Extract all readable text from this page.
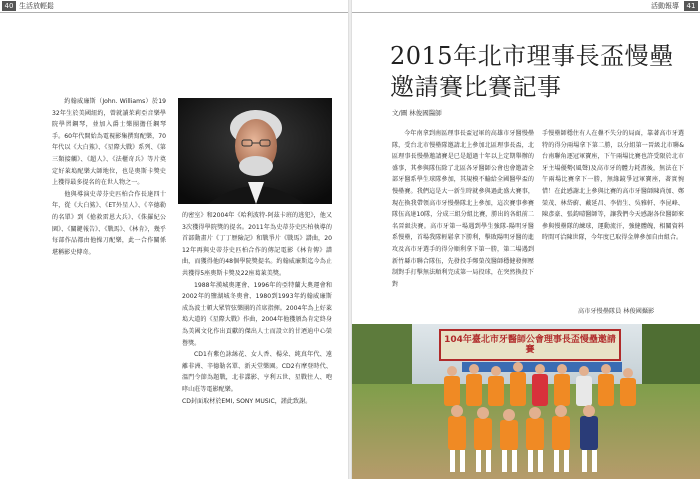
40 生活放輕鬆
約翰威廉斯（John. Williams）於1932年生於美國紐約，曾就讀茱莉亞音樂學院學習鋼琴，並加入爵士樂團擔任鋼琴手。60年代開始為電視影集撰寫配樂，70年代以《大白鯊》、《星際大戰》系列、《第三類接觸》、《超人》、《法櫃奇兵》等片奠定好萊塢配樂大師地位，也是奧斯卡獎史上獲得最多提名的在世人物之一。
他與導演史蒂芬史匹柏合作長達四十年，從《大白鯊》、《ET外星人》、《辛德勒的名單》到《搶救雷恩大兵》、《侏羅紀公園》、《關鍵報告》、《戰馬》、《林肯》，幾乎每部作品都由他操刀配樂，此一合作關係堪稱影史傳奇。
的密室》和2004年《哈利波特-阿茲卡班的逃犯》，他又3次獲得學院獎的提名。2011年為史蒂芬史匹柏執導的首部動畫片《丁丁歷險記》和戰爭片《戰馬》譜曲，2012年再與史蒂芬史匹柏合作的傳記電影《林肯傳》譜曲，而獲得他的48個學院獎提名。約翰威廉斯迄今為止共獲得5座奧斯卡獎及22座葛萊美獎。
1988年漢城奧運會、1996年的亞特蘭大奧運會和2002年的鹽湖城冬奧會、1980到1993年約翰威廉斯成為波士頓大眾管弦樂團的首席指揮。2004年為上好萊塢大道的《星際大戰》作曲，2004年他獲頒為肯定終身為美國文化作出貢獻的傑出人士而設立的甘迺迪中心榮譽獎。
CD1有紫色詠絲花、女人香、楊朵、純真年代、遠離非洲、辛德勒名單、新天堂樂園。CD2有摩登時代、溫門令節為題戰，北非諜影、亨利五世、星戰往人、咆哮山莊等電影配樂。
CD封面取材於EMI, SONY MUSIC，謹此致謝。
活動報導	41
2015年北市理事長盃慢壘
邀請賽比賽記事
文/圖 林俊國醫師
今年南拿到南區理事長盃冠軍的高雄市牙醫慢壘隊，受台北市慢壘隊邀請北上參加北區理事長盃，北區理事長慢壘邀請賽是已是超過十年以上定期舉辦的盛事，其參與隊伍除了北區各牙醫師公會也會邀請全部牙醫系學生球隊參加，其規模不輸給全國醫學盃的慢壘賽。我們這是大一新生時就參與過此盛大賽事，現在換我帶領高市牙慢壘隊北上參加，這次賽事參賽隊伍高達10隊，分成三組分組比賽，勝出的各組前二名晉級決賽。高市牙第一場遇到學生強隊-陽明牙醫系慢壘，首場我隊輕鬆拿下勝利，擊敗陽明牙醫的進攻及高市牙選手的得分順利拿下第一勝，第二場遇到新竹縣市聯合隊伍，先發投手鄭榮茂醫師穩健發揮壓制對手打擊無法順利完成第一局投球，在突然換投下對
手慢壘師穩住有人在疊不失分的局面，靠著高市牙選特的得分兩場拿下第二勝，以分組第一晉級北市聯&台南聯角逐冠軍寶座，下午兩場比賽也許受限於北市牙主場優勢(風聲)及高市牙的體力耗盡後，無法在下午兩場比賽拿下一勝，無緣鏡爭冠軍寶座，著實惋惜！在此感謝北上參與比賽的高市牙醫師陳尚加、鄭榮茂、林岱蔚、戴延昌、李倩生、吳雅軒、李昆峰、陳彥豪、張鈞晴醫師等，讓我們今天感謝各位醫師來參與慢壘隊的練球，運動流汗，強健體魄，相關資料時間可洽陳世隊，今年度已取得金牌參加自由組合。
高市牙慢壘隊員 林俊國攝影
104年臺北市牙醫師公會理事長盃慢壘邀請賽
